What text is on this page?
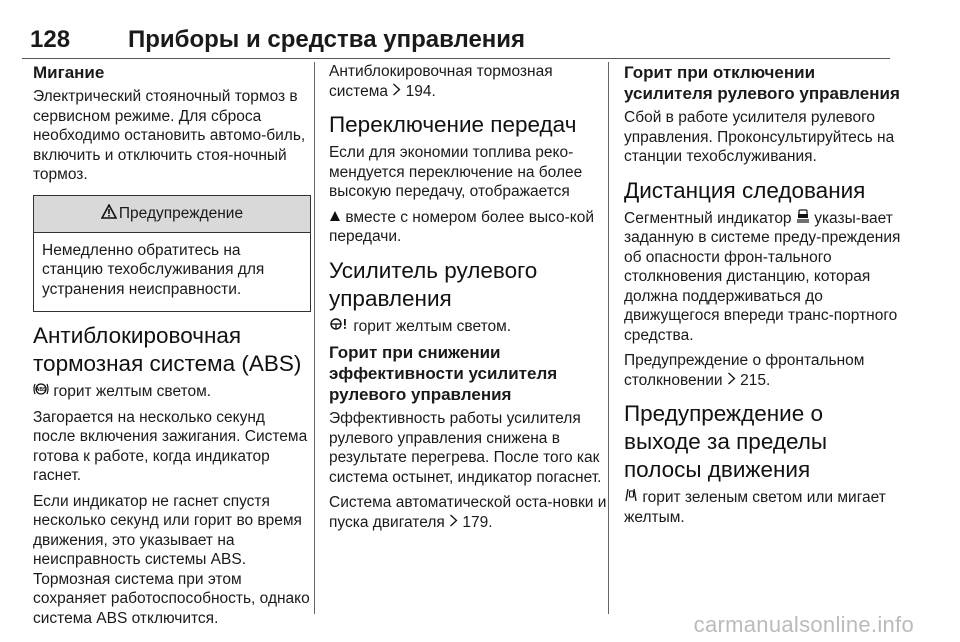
128 Приборы и средства управления
Мигание

Электрический стояночный тормоз в сервисном режиме. Для сброса необходимо остановить автомо-биль, включить и отключить стоя-ночный тормоз.

Предупреждение

Немедленно обратитесь на станцию техобслуживания для устранения неисправности.

Антиблокировочная тормозная система (ABS)

ABS горит желтым светом.

Загорается на несколько секунд после включения зажигания. Система готова к работе, когда индикатор гаснет.

Если индикатор не гаснет спустя несколько секунд или горит во время движения, это указывает на неисправность системы ABS. Тормозная система при этом сохраняет работоспособность, однако система ABS отключится.

Антиблокировочная тормозная система 194.

Переключение передач

Если для экономии топлива реко-мендуется переключение на более высокую передачу, отображается

вместе с номером более высо-кой передачи.

Усилитель рулевого управления

горит желтым светом.

Горит при снижении эффективности усилителя рулевого управления

Эффективность работы усилителя рулевого управления снижена в результате перегрева. После того как система остынет, индикатор погаснет.

Система автоматической оста-новки и пуска двигателя 179.

Горит при отключении усилителя рулевого управления

Сбой в работе усилителя рулевого управления. Проконсультируйтесь на станции техобслуживания.

Дистанция следования

Сегментный индикатор указы-вает заданную в системе преду-преждения об опасности фрон-тального столкновения дистанцию, которая должна поддерживаться до движущегося впереди транс-портного средства.

Предупреждение о фронтальном столкновении 215.

Предупреждение о выходе за пределы полосы движения

горит зеленым светом или мигает желтым.

carmanualsonline.info
